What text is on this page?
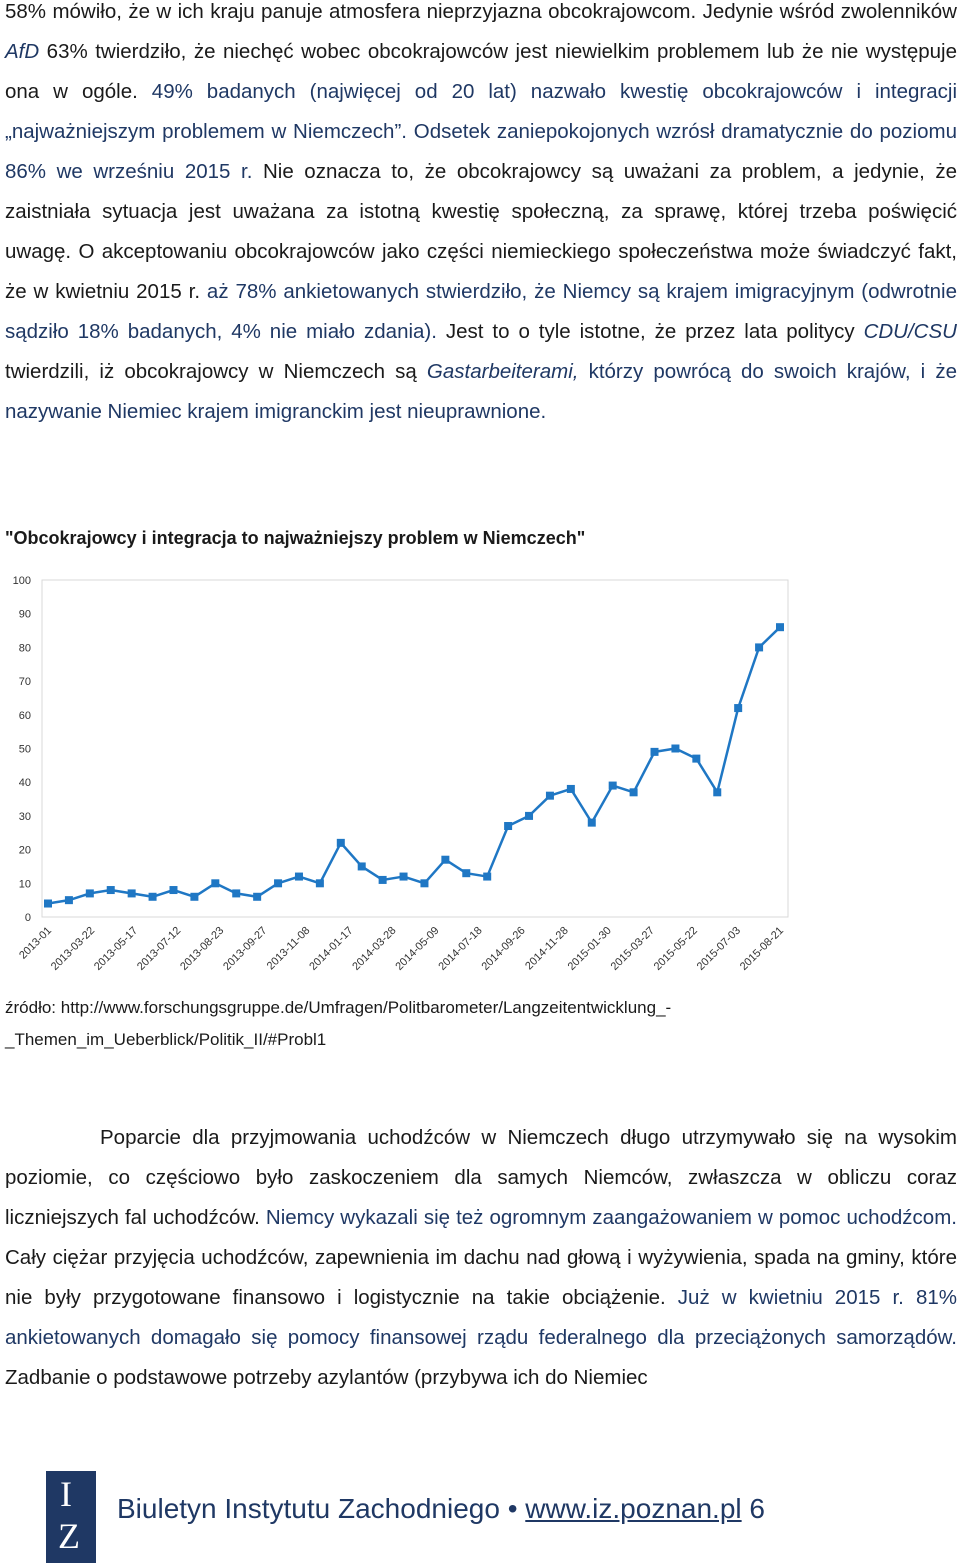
58% mówiło, że w ich kraju panuje atmosfera nieprzyjazna obcokrajowcom. Jedynie wśród zwolenników AfD 63% twierdziło, że niechęć wobec obcokrajowców jest niewielkim problemem lub że nie występuje ona w ogóle. 49% badanych (najwięcej od 20 lat) nazwało kwestię obcokrajowców i integracji „najważniejszym problemem w Niemczech”. Odsetek zaniepokojonych wzrósł dramatycznie do poziomu 86% we wrześniu 2015 r. Nie oznacza to, że obcokrajowcy są uważani za problem, a jedynie, że zaistniała sytuacja jest uważana za istotną kwestię społeczną, za sprawę, której trzeba poświęcić uwagę. O akceptowaniu obcokrajowców jako części niemieckiego społeczeństwa może świadczyć fakt, że w kwietniu 2015 r. aż 78% ankietowanych stwierdziło, że Niemcy są krajem imigracyjnym (odwrotnie sądziło 18% badanych, 4% nie miało zdania). Jest to o tyle istotne, że przez lata politycy CDU/CSU twierdzili, iż obcokrajowcy w Niemczech są Gastarbeiterami, którzy powrócą do swoich krajów, i że nazywanie Niemiec krajem imigranckim jest nieuprawnione.
"Obcokrajowcy i integracja to najważniejszy problem w Niemczech"
0
10
20
30
40
50
60
70
80
90
100
2013-01
2013-03-22
2013-05-17
2013-07-12
2013-08-23
2013-09-27
2013-11-08
2014-01-17
2014-03-28
2014-05-09
2014-07-18
2014-09-26
2014-11-28
2015-01-30
2015-03-27
2015-05-22
2015-07-03
2015-08-21
źródło: http://www.forschungsgruppe.de/Umfragen/Politbarometer/Langzeitentwicklung_-
_Themen_im_Ueberblick/Politik_II/#Probl1
Poparcie dla przyjmowania uchodźców w Niemczech długo utrzymywało się na wysokim poziomie, co częściowo było zaskoczeniem dla samych Niemców, zwłaszcza w obliczu coraz liczniejszych fal uchodźców. Niemcy wykazali się też ogromnym zaangażowaniem w pomoc uchodźcom. Cały ciężar przyjęcia uchodźców, zapewnienia im dachu nad głową i wyżywienia, spada na gminy, które nie były przygotowane finansowo i logistycznie na takie obciążenie. Już w kwietniu 2015 r. 81% ankietowanych domagało się pomocy finansowej rządu federalnego dla przeciążonych samorządów. Zadbanie o podstawowe potrzeby azylantów (przybywa ich do Niemiec
I
Z
Biuletyn Instytutu Zachodniego • www.iz.poznan.pl 6
